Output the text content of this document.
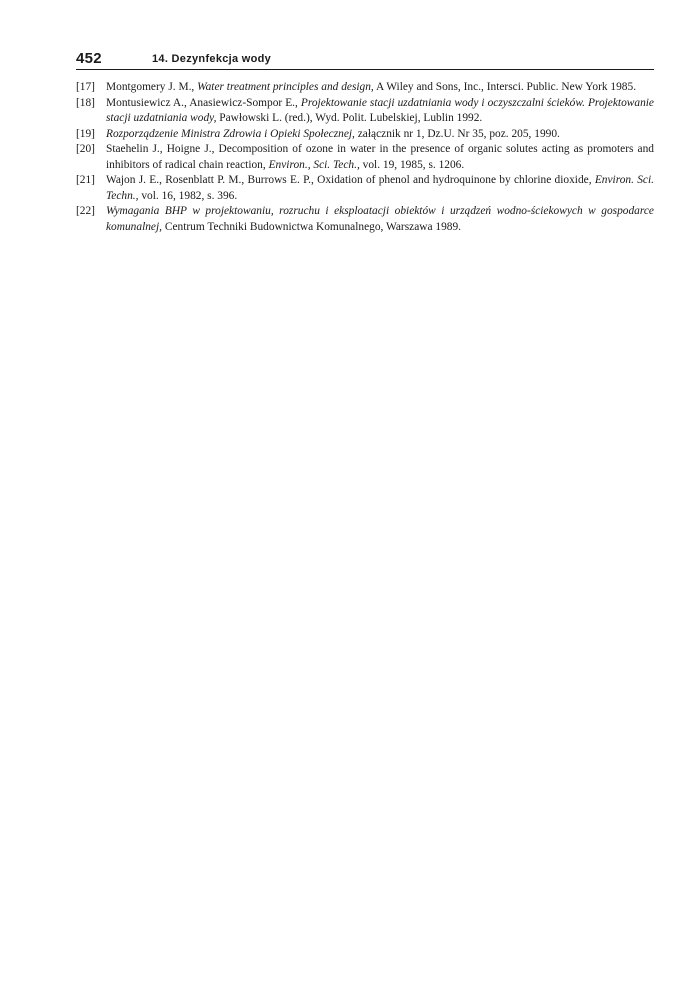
452	14. Dezynfekcja wody
[17] Montgomery J. M., Water treatment principles and design, A Wiley and Sons, Inc., Intersci. Public. New York 1985.
[18] Montusiewicz A., Anasiewicz-Sompor E., Projektowanie stacji uzdatniania wody i oczyszczalni ścieków. Projektowanie stacji uzdatniania wody, Pawłowski L. (red.), Wyd. Polit. Lubelskiej, Lublin 1992.
[19] Rozporządzenie Ministra Zdrowia i Opieki Społecznej, załącznik nr 1, Dz.U. Nr 35, poz. 205, 1990.
[20] Staehelin J., Hoigne J., Decomposition of ozone in water in the presence of organic solutes acting as promoters and inhibitors of radical chain reaction, Environ., Sci. Tech., vol. 19, 1985, s. 1206.
[21] Wajon J. E., Rosenblatt P. M., Burrows E. P., Oxidation of phenol and hydroquinone by chlorine dioxide, Environ. Sci. Techn., vol. 16, 1982, s. 396.
[22] Wymagania BHP w projektowaniu, rozruchu i eksploatacji obiektów i urządzeń wodno-ściekowych w gospodarce komunalnej, Centrum Techniki Budownictwa Komunalnego, Warszawa 1989.
